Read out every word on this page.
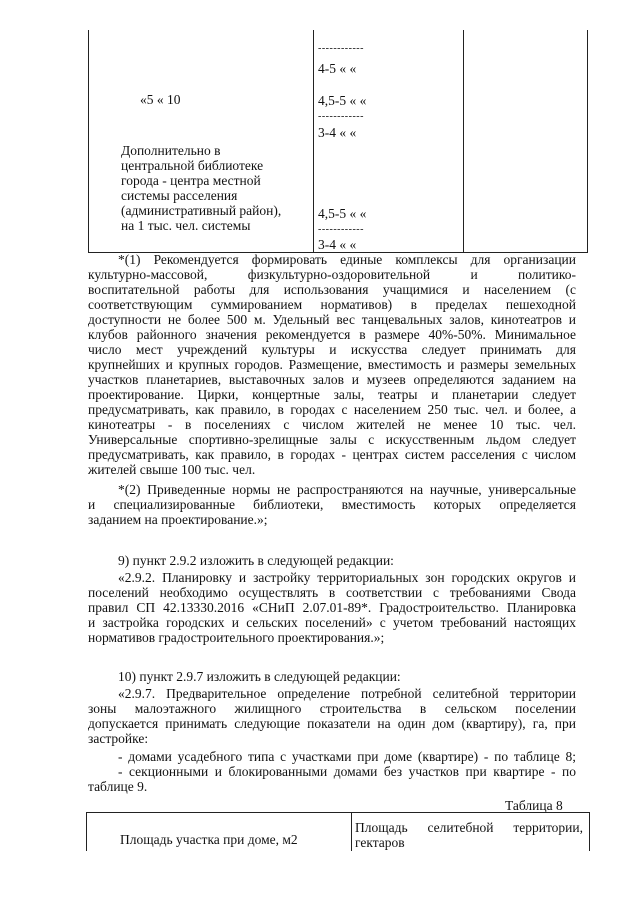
«5 « 10
Дополнительно в
центральной библиотеке
города - центра местной
системы расселения
(административный район),
на 1 тыс. чел. системы
------------
4-5 « «
4,5-5 « «
------------
3-4 « «
4,5-5 « «
------------
3-4 « «
*(1) Рекомендуется формировать единые комплексы для организации
культурно-массовой, физкультурно-оздоровительной и политико-
воспитательной работы для использования учащимися и населением (с
соответствующим суммированием нормативов) в пределах пешеходной
доступности не более 500 м. Удельный вес танцевальных залов, кинотеатров и
клубов районного значения рекомендуется в размере 40%-50%. Минимальное
число мест учреждений культуры и искусства следует принимать для
крупнейших и крупных городов. Размещение, вместимость и размеры земельных
участков планетариев, выставочных залов и музеев определяются заданием на
проектирование. Цирки, концертные залы, театры и планетарии следует
предусматривать, как правило, в городах с населением 250 тыс. чел. и более, а
кинотеатры - в поселениях с числом жителей не менее 10 тыс. чел.
Универсальные спортивно-зрелищные залы с искусственным льдом следует
предусматривать, как правило, в городах - центрах систем расселения с числом
жителей свыше 100 тыс. чел.
*(2) Приведенные нормы не распространяются на научные, универсальные
и специализированные библиотеки, вместимость которых определяется
заданием на проектирование.»;
9) пункт 2.9.2 изложить в следующей редакции:
«2.9.2. Планировку и застройку территориальных зон городских округов и
поселений необходимо осуществлять в соответствии с требованиями Свода
правил СП 42.13330.2016 «СНиП 2.07.01-89*. Градостроительство. Планировка
и застройка городских и сельских поселений» с учетом требований настоящих
нормативов градостроительного проектирования.»;
10) пункт 2.9.7 изложить в следующей редакции:
«2.9.7. Предварительное определение потребной селитебной территории
зоны малоэтажного жилищного строительства в сельском поселении
допускается принимать следующие показатели на один дом (квартиру), га, при
застройке:
- домами усадебного типа с участками при доме (квартире) - по таблице 8;
- секционными и блокированными домами без участков при квартире - по
таблице 9.
Таблица 8
Площадь участка при доме, м2
Площадь селитебной территории,
гектаров
